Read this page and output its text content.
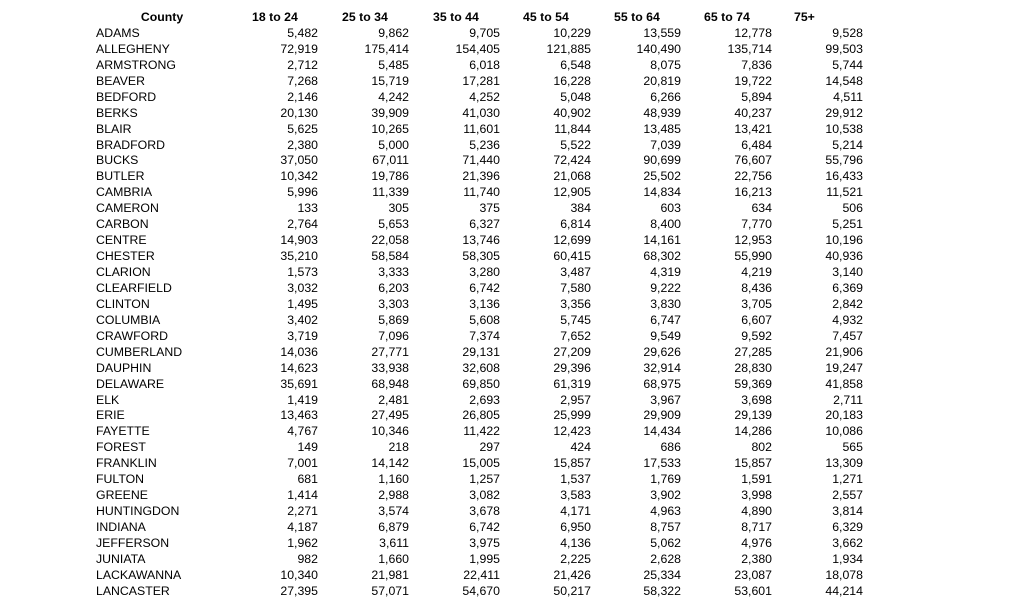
County	18 to 24	25 to 34	35 to 44	45 to 54	55 to 64	65 to 74	75+
ADAMS	5,482	9,862	9,705	10,229	13,559	12,778	9,528
ALLEGHENY	72,919	175,414	154,405	121,885	140,490	135,714	99,503
ARMSTRONG	2,712	5,485	6,018	6,548	8,075	7,836	5,744
BEAVER	7,268	15,719	17,281	16,228	20,819	19,722	14,548
BEDFORD	2,146	4,242	4,252	5,048	6,266	5,894	4,511
BERKS	20,130	39,909	41,030	40,902	48,939	40,237	29,912
BLAIR	5,625	10,265	11,601	11,844	13,485	13,421	10,538
BRADFORD	2,380	5,000	5,236	5,522	7,039	6,484	5,214
BUCKS	37,050	67,011	71,440	72,424	90,699	76,607	55,796
BUTLER	10,342	19,786	21,396	21,068	25,502	22,756	16,433
CAMBRIA	5,996	11,339	11,740	12,905	14,834	16,213	11,521
CAMERON	133	305	375	384	603	634	506
CARBON	2,764	5,653	6,327	6,814	8,400	7,770	5,251
CENTRE	14,903	22,058	13,746	12,699	14,161	12,953	10,196
CHESTER	35,210	58,584	58,305	60,415	68,302	55,990	40,936
CLARION	1,573	3,333	3,280	3,487	4,319	4,219	3,140
CLEARFIELD	3,032	6,203	6,742	7,580	9,222	8,436	6,369
CLINTON	1,495	3,303	3,136	3,356	3,830	3,705	2,842
COLUMBIA	3,402	5,869	5,608	5,745	6,747	6,607	4,932
CRAWFORD	3,719	7,096	7,374	7,652	9,549	9,592	7,457
CUMBERLAND	14,036	27,771	29,131	27,209	29,626	27,285	21,906
DAUPHIN	14,623	33,938	32,608	29,396	32,914	28,830	19,247
DELAWARE	35,691	68,948	69,850	61,319	68,975	59,369	41,858
ELK	1,419	2,481	2,693	2,957	3,967	3,698	2,711
ERIE	13,463	27,495	26,805	25,999	29,909	29,139	20,183
FAYETTE	4,767	10,346	11,422	12,423	14,434	14,286	10,086
FOREST	149	218	297	424	686	802	565
FRANKLIN	7,001	14,142	15,005	15,857	17,533	15,857	13,309
FULTON	681	1,160	1,257	1,537	1,769	1,591	1,271
GREENE	1,414	2,988	3,082	3,583	3,902	3,998	2,557
HUNTINGDON	2,271	3,574	3,678	4,171	4,963	4,890	3,814
INDIANA	4,187	6,879	6,742	6,950	8,757	8,717	6,329
JEFFERSON	1,962	3,611	3,975	4,136	5,062	4,976	3,662
JUNIATA	982	1,660	1,995	2,225	2,628	2,380	1,934
LACKAWANNA	10,340	21,981	22,411	21,426	25,334	23,087	18,078
LANCASTER	27,395	57,071	54,670	50,217	58,322	53,601	44,214
